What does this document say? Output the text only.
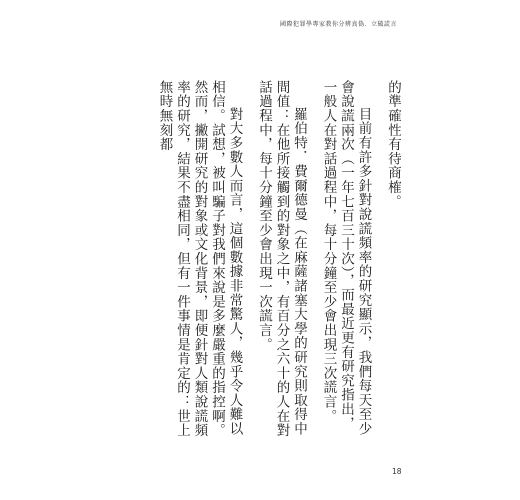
國際犯罪學專家教你分辨真偽．立破謊言

的準確性有待商榷。

目前有許多針對說謊頻率的研究顯示，我們每天至少會說謊兩次（一年七百三十次），而最近更有研究指出，一般人在對話過程中，每十分鐘至少會出現三次謊言。

羅伯特．費爾德曼（在麻薩諸塞大學的研究則取得中間值：在他所接觸到的對象之中，有百分之六十的人在對話過程中，每十分鐘至少會出現一次謊言。

對大多數人而言，這個數據非常驚人，幾乎令人難以相信。試想，被叫騙子對我們來說是多麼嚴重的指控啊。然而，撇開研究的對象或文化背景，即便針對人類說謊頻率的研究，結果不盡相同，但有一件事情是肯定的：世上無時無刻都

18
